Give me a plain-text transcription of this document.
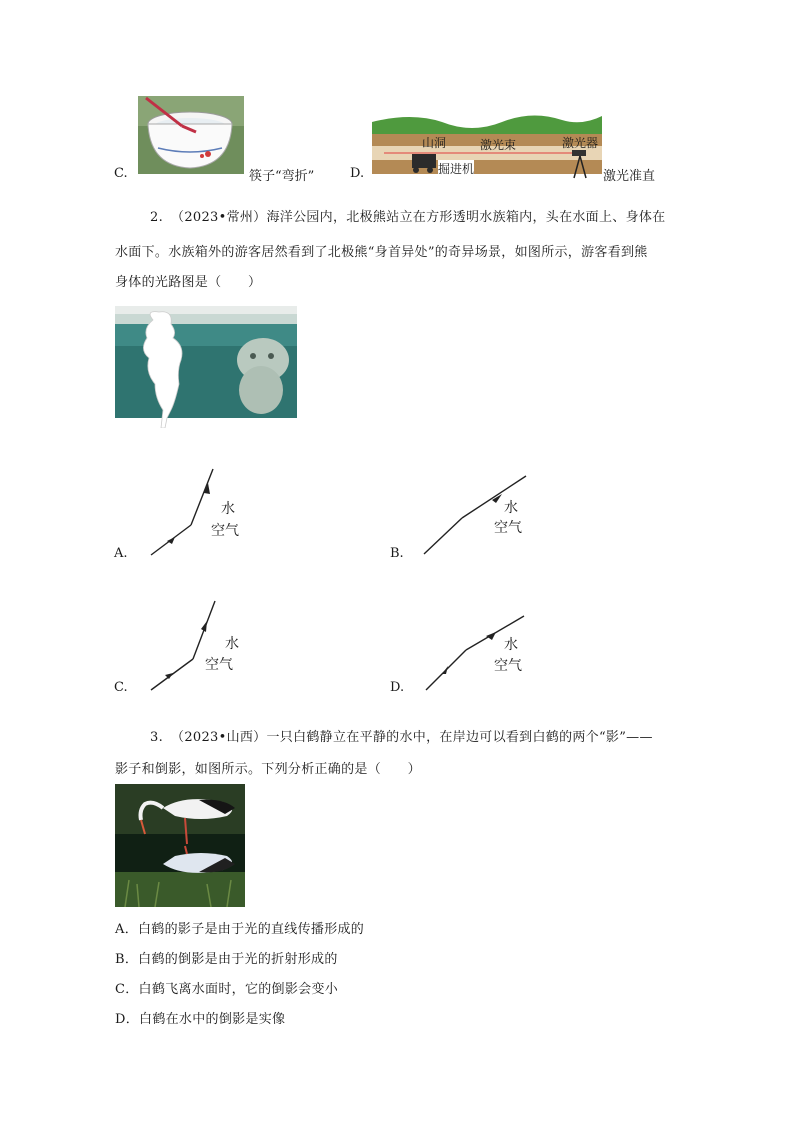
C.	筷子“弯折”	D.
山洞	激光束	激光器
掘进机	激光准直
2. （2023•常州）海洋公园内，北极熊站立在方形透明水族箱内，头在水面上、身体在
水面下。水族箱外的游客居然看到了北极熊“身首异处”的奇异场景，如图所示，游客看到熊
身体的光路图是（　　）
A.
水
空气
B.
水
空气
C.
水
空气
D.
水
空气
3. （2023•山西）一只白鹤静立在平静的水中，在岸边可以看到白鹤的两个“影”——
影子和倒影，如图所示。下列分析正确的是（　　）
A．白鹤的影子是由于光的直线传播形成的
B．白鹤的倒影是由于光的折射形成的
C．白鹤飞离水面时，它的倒影会变小
D．白鹤在水中的倒影是实像
